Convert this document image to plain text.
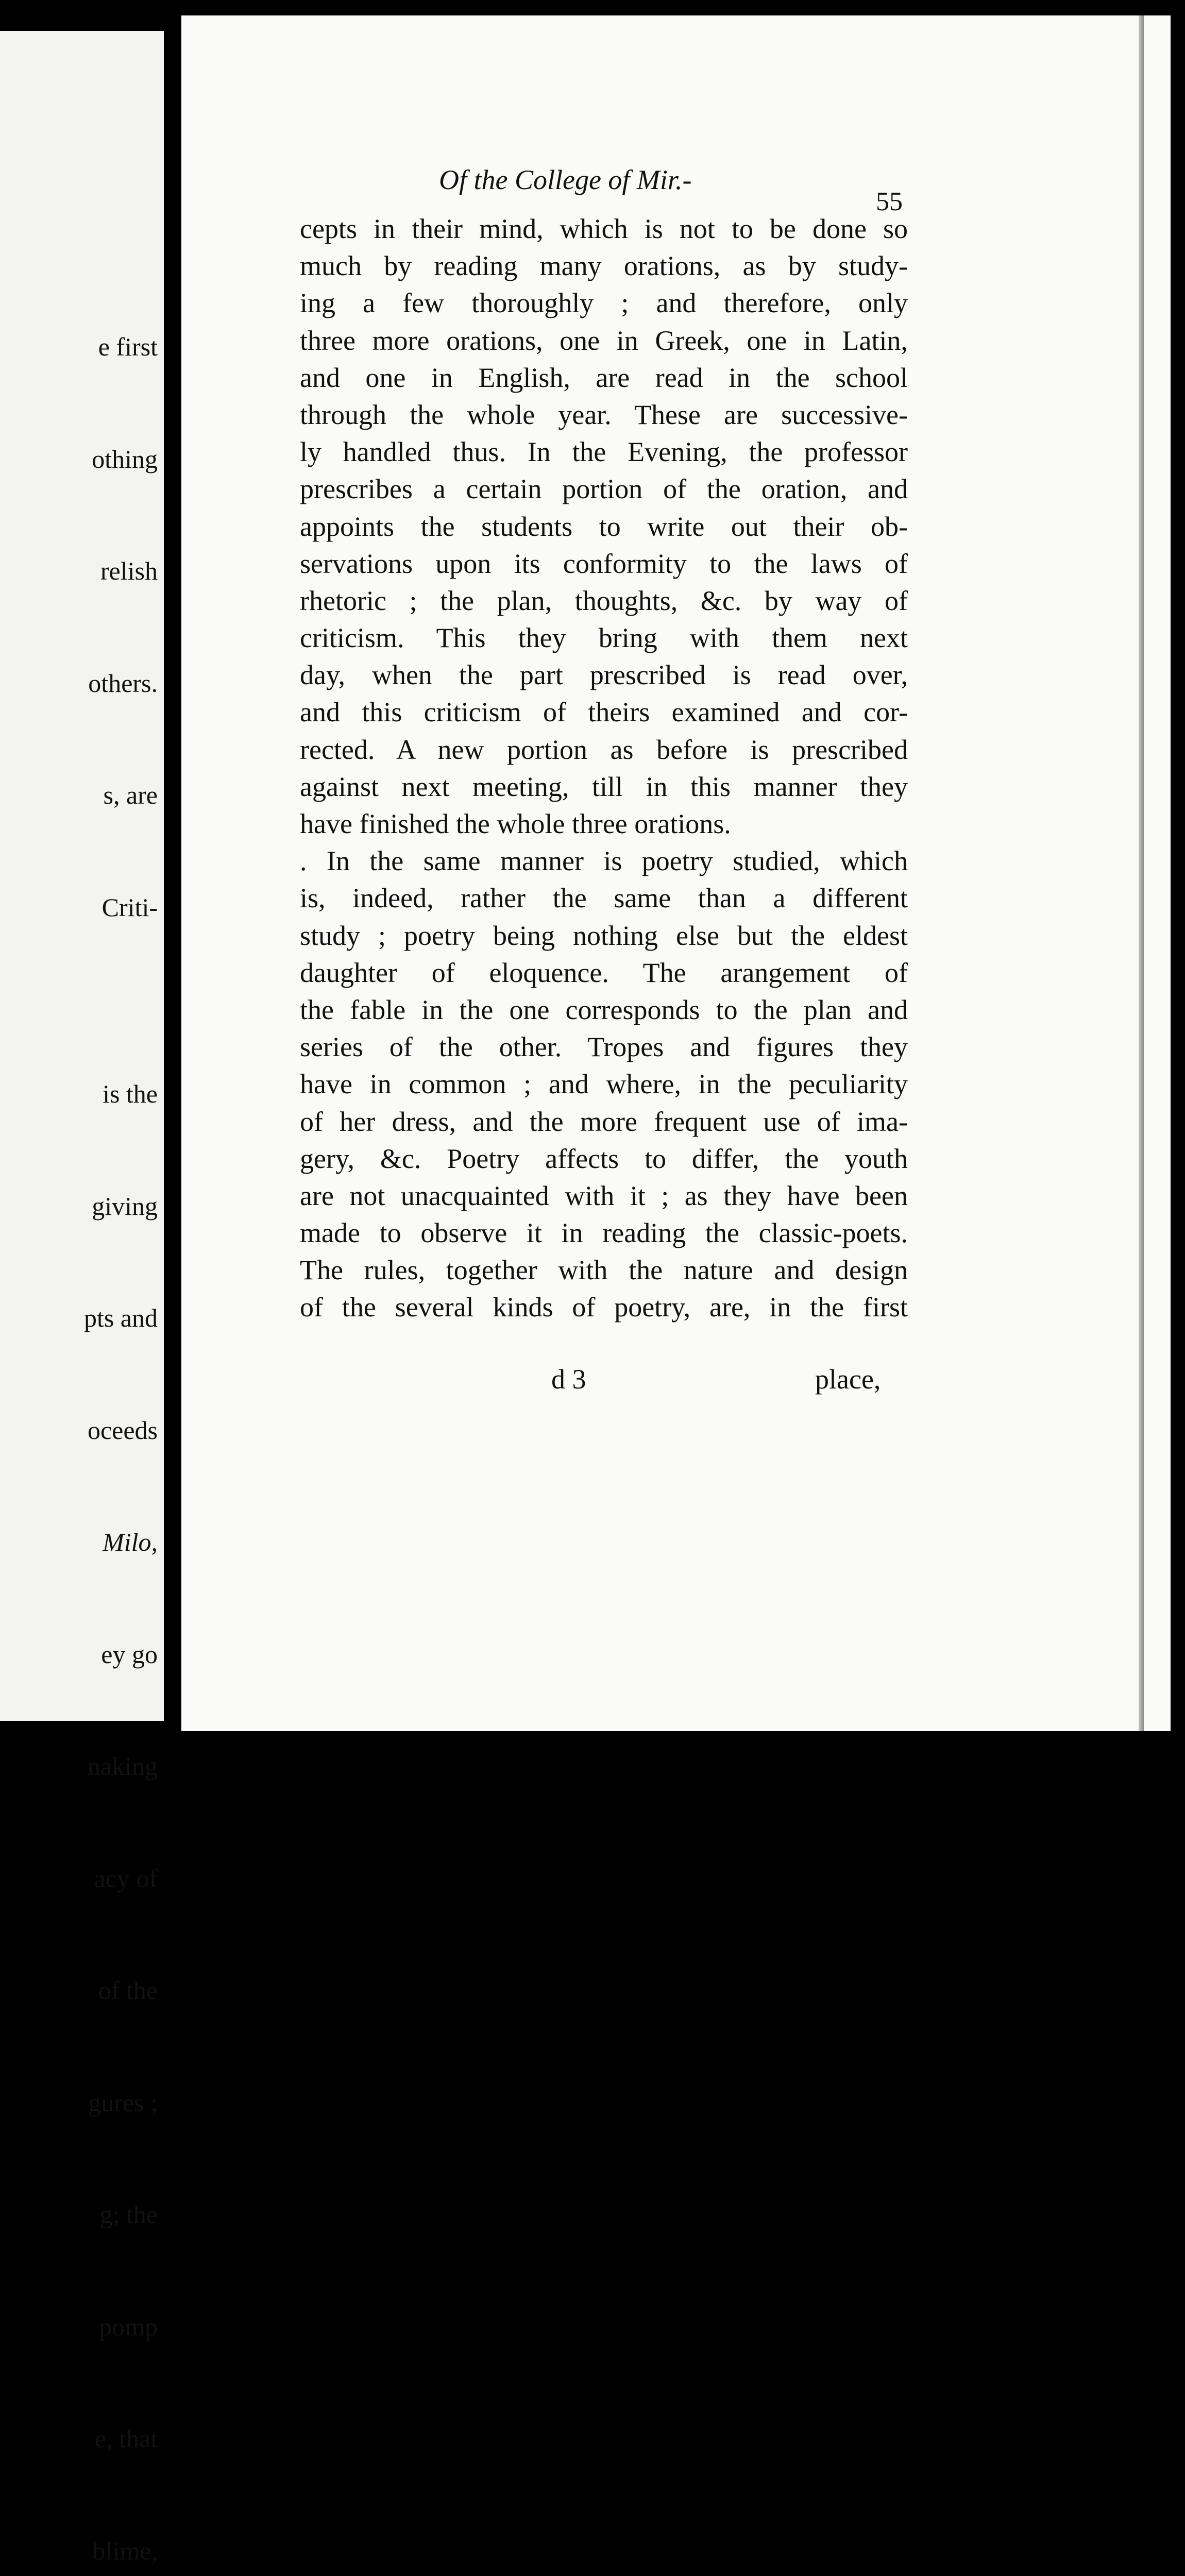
e first

othing

relish

others.

s, are

Criti-

is the

giving

pts and

oceeds

Milo,

ey go

naking

acy of

of the

gures ;

g; the

pomp

e, that

blime,

Of the College of Mir.-
55
cepts in their mind, which is not to be done so
much by reading many orations, as by study-
ing a few thoroughly ; and therefore, only
three more orations, one in Greek, one in Latin,
and one in English, are read in the school
through the whole year. These are successive-
ly handled thus. In the Evening, the professor
prescribes a certain portion of the oration, and
appoints the students to write out their ob-
servations upon its conformity to the laws of
rhetoric ; the plan, thoughts, &c. by way of
criticism. This they bring with them next
day, when the part prescribed is read over,
and this criticism of theirs examined and cor-
rected. A new portion as before is prescribed
against next meeting, till in this manner they
have finished the whole three orations.
. In the same manner is poetry studied, which
is, indeed, rather the same than a different
study ; poetry being nothing else but the eldest
daughter of eloquence. The arangement of
the fable in the one corresponds to the plan and
series of the other. Tropes and figures they
have in common ; and where, in the peculiarity
of her dress, and the more frequent use of ima-
gery, &c. Poetry affects to differ, the youth
are not unacquainted with it ; as they have been
made to observe it in reading the classic-poets.
The rules, together with the nature and design
of the several kinds of poetry, are, in the first
d 3	place,
